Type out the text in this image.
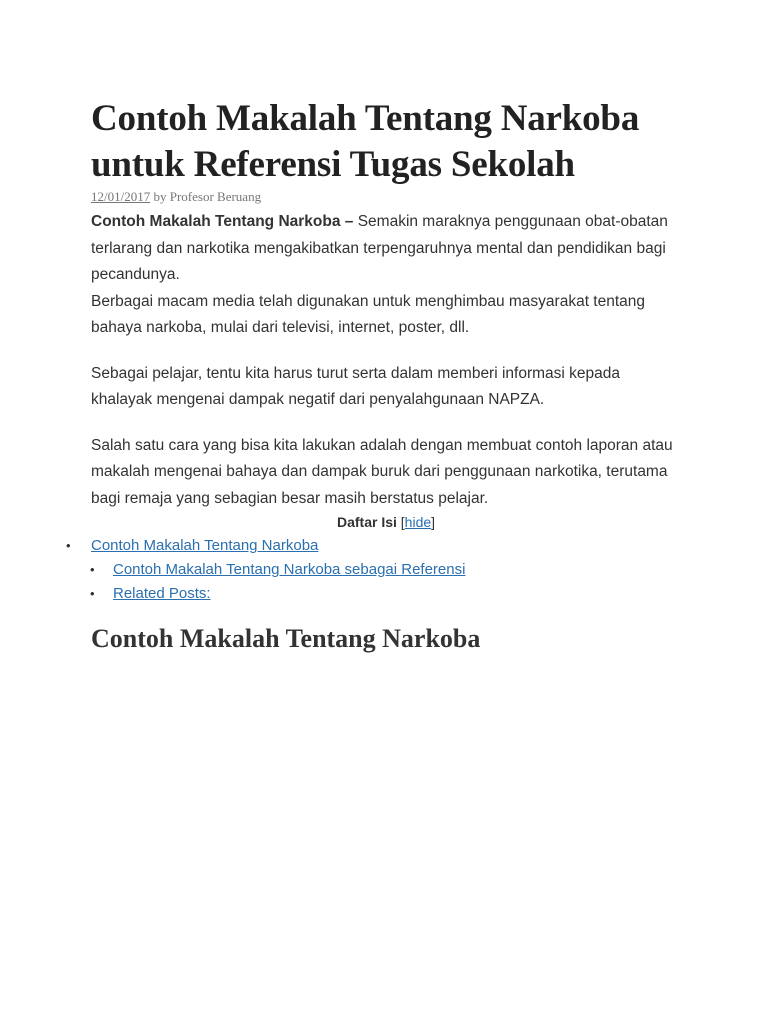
Contoh Makalah Tentang Narkoba
untuk Referensi Tugas Sekolah
12/01/2017 by Profesor Beruang

Contoh Makalah Tentang Narkoba – Semakin maraknya penggunaan obat-obatan terlarang dan narkotika mengakibatkan terpengaruhnya mental dan pendidikan bagi pecandunya.
Berbagai macam media telah digunakan untuk menghimbau masyarakat tentang bahaya narkoba, mulai dari televisi, internet, poster, dll.

Sebagai pelajar, tentu kita harus turut serta dalam memberi informasi kepada khalayak mengenai dampak negatif dari penyalahgunaan NAPZA.

Salah satu cara yang bisa kita lakukan adalah dengan membuat contoh laporan atau makalah mengenai bahaya dan dampak buruk dari penggunaan narkotika, terutama bagi remaja yang sebagian besar masih berstatus pelajar.

Daftar Isi [hide]
• Contoh Makalah Tentang Narkoba
• Contoh Makalah Tentang Narkoba sebagai Referensi
• Related Posts:
Contoh Makalah Tentang Narkoba
